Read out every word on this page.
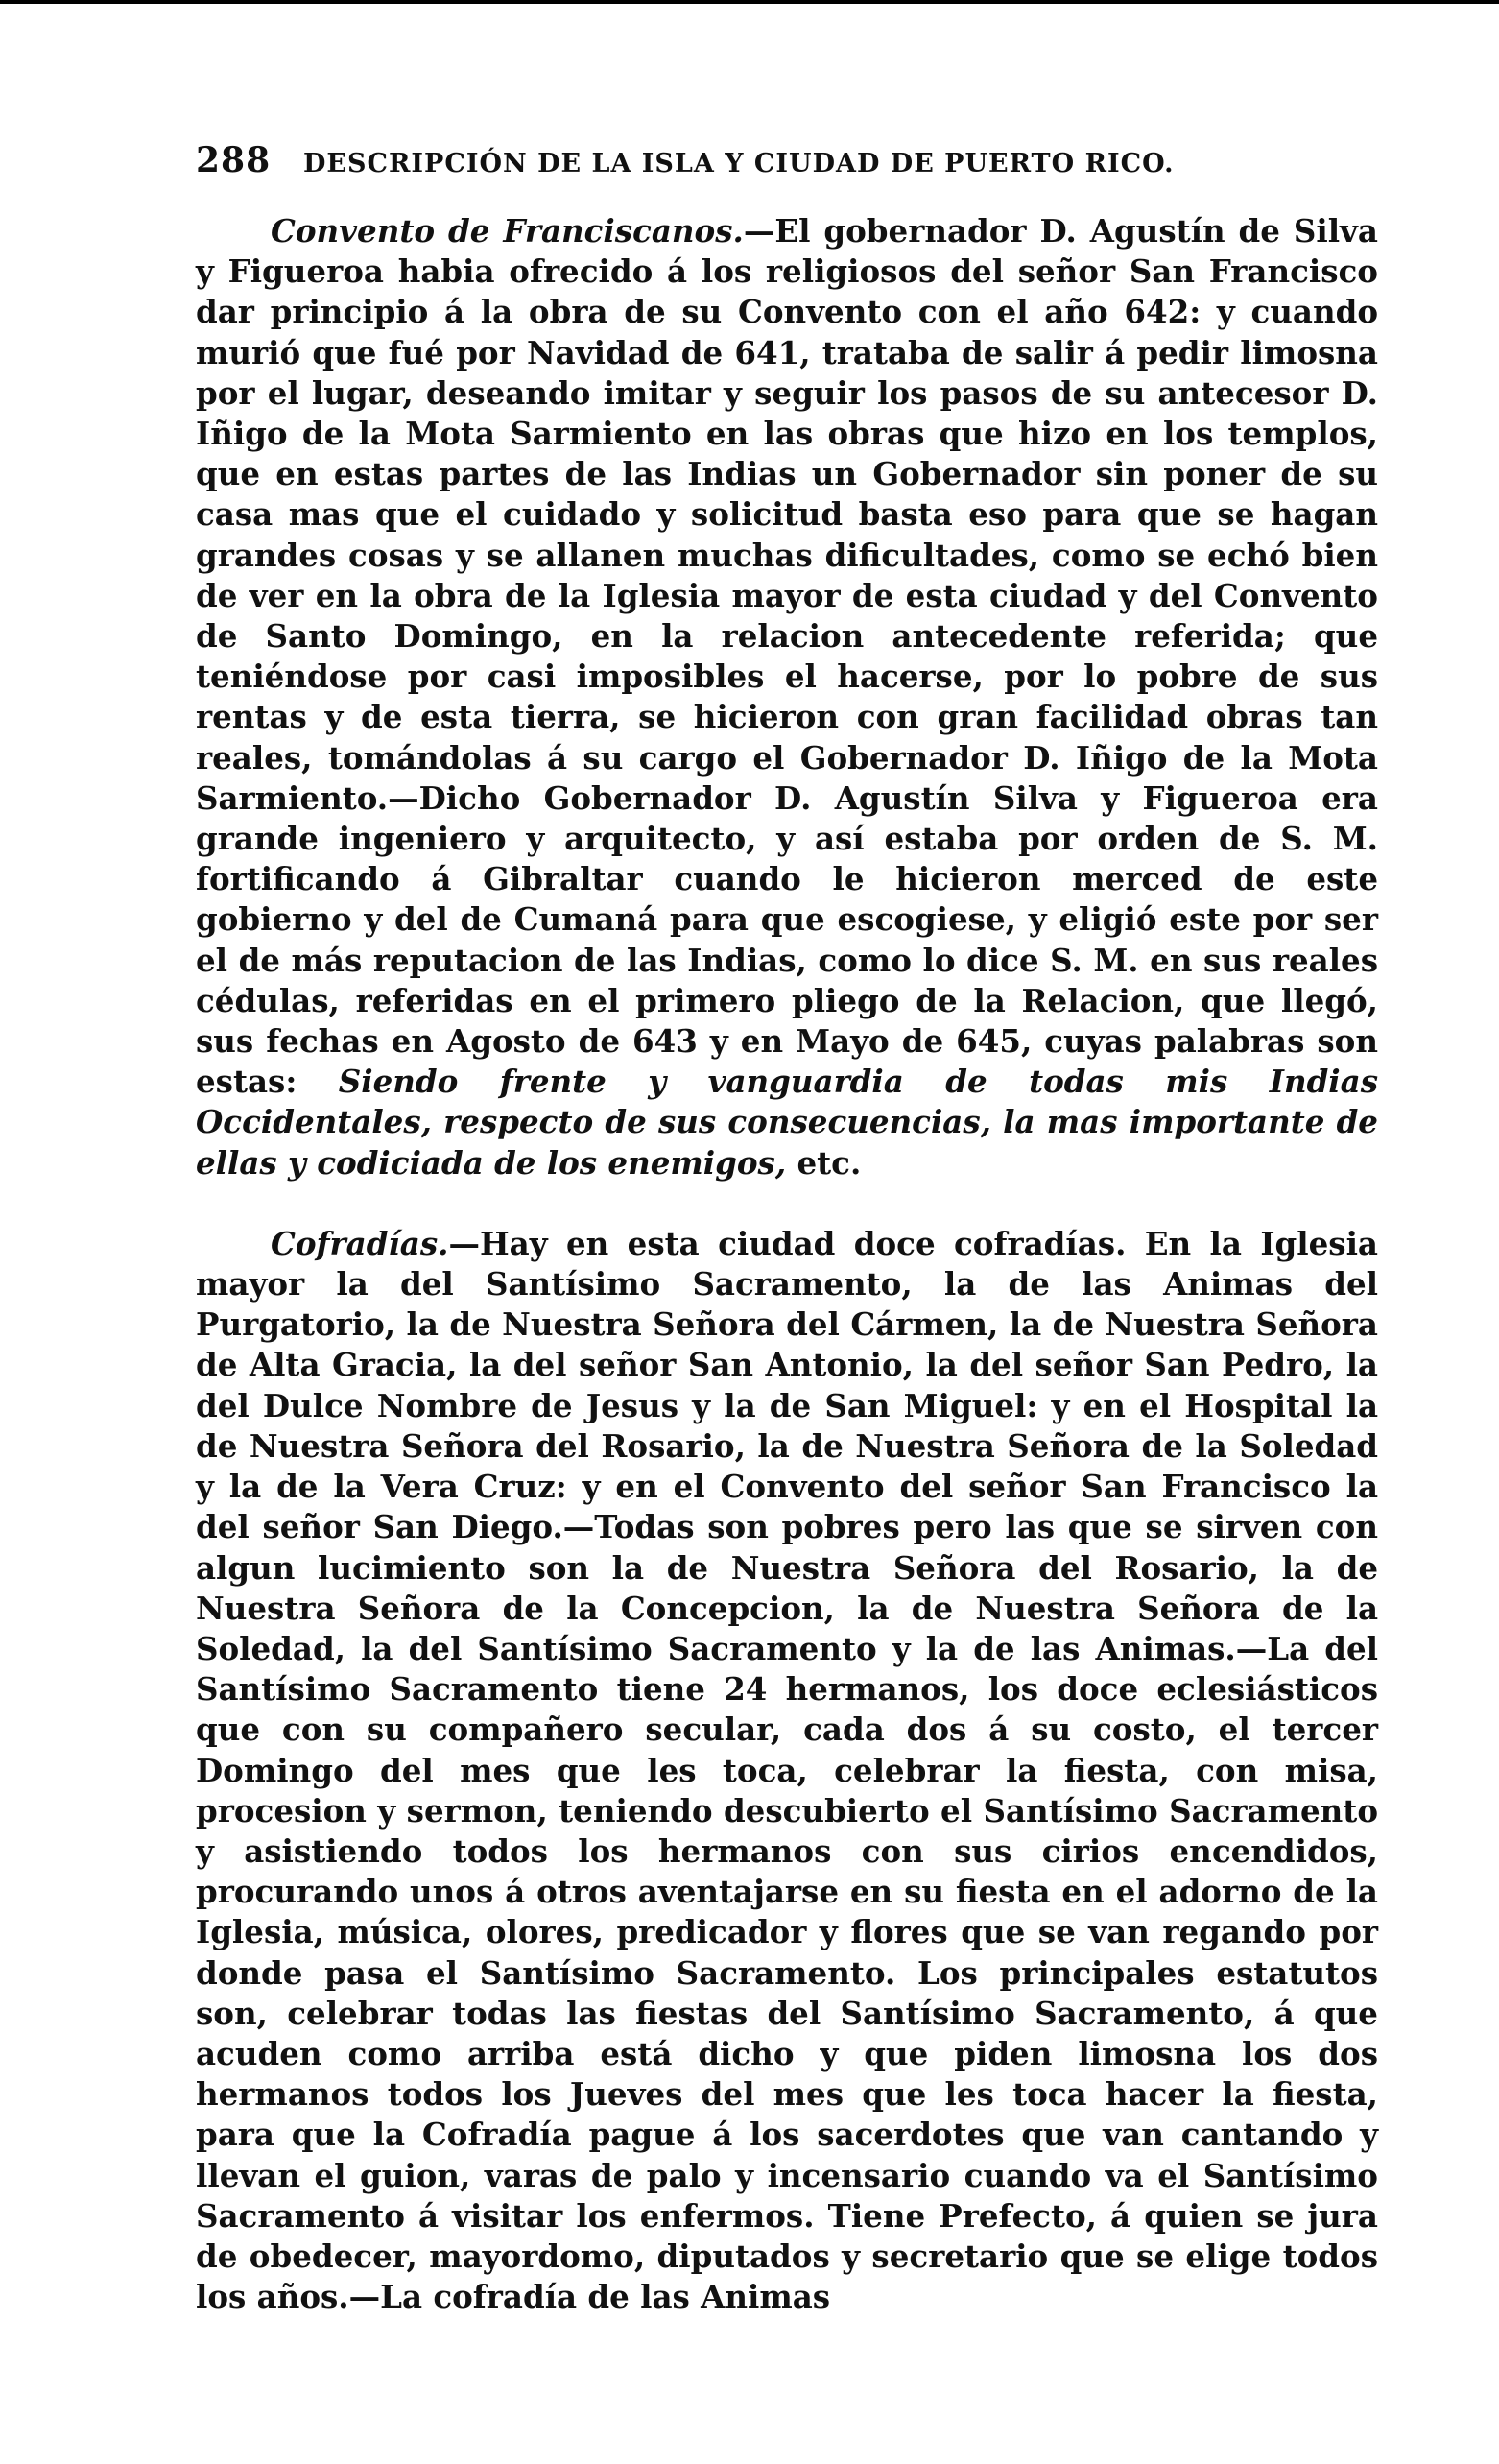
288	DESCRIPCIÓN DE LA ISLA Y CIUDAD DE PUERTO RICO.

Convento de Franciscanos.—El gobernador D. Agustín de Silva y Figueroa habia ofrecido á los religiosos del señor San Francisco dar principio á la obra de su Convento con el año 642: y cuando murió que fué por Navidad de 641, trataba de salir á pedir limosna por el lugar, deseando imitar y seguir los pasos de su antecesor D. Iñigo de la Mota Sarmiento en las obras que hizo en los templos, que en estas partes de las Indias un Gobernador sin poner de su casa mas que el cuidado y solicitud basta eso para que se hagan grandes cosas y se allanen muchas dificultades, como se echó bien de ver en la obra de la Iglesia mayor de esta ciudad y del Convento de Santo Domingo, en la relacion antecedente referida; que teniéndose por casi imposibles el hacerse, por lo pobre de sus rentas y de esta tierra, se hicieron con gran facilidad obras tan reales, tomándolas á su cargo el Gobernador D. Iñigo de la Mota Sarmiento.—Dicho Gobernador D. Agustín Silva y Figueroa era grande ingeniero y arquitecto, y así estaba por orden de S. M. fortificando á Gibraltar cuando le hicieron merced de este gobierno y del de Cumaná para que escogiese, y eligió este por ser el de más reputacion de las Indias, como lo dice S. M. en sus reales cédulas, referidas en el primero pliego de la Relacion, que llegó, sus fechas en Agosto de 643 y en Mayo de 645, cuyas palabras son estas: Siendo frente y vanguardia de todas mis Indias Occidentales, respecto de sus consecuencias, la mas importante de ellas y codiciada de los enemigos, etc.

Cofradías.—Hay en esta ciudad doce cofradías. En la Iglesia mayor la del Santísimo Sacramento, la de las Animas del Purgatorio, la de Nuestra Señora del Cármen, la de Nuestra Señora de Alta Gracia, la del señor San Antonio, la del señor San Pedro, la del Dulce Nombre de Jesus y la de San Miguel: y en el Hospital la de Nuestra Señora del Rosario, la de Nuestra Señora de la Soledad y la de la Vera Cruz: y en el Convento del señor San Francisco la del señor San Diego.—Todas son pobres pero las que se sirven con algun lucimiento son la de Nuestra Señora del Rosario, la de Nuestra Señora de la Concepcion, la de Nuestra Señora de la Soledad, la del Santísimo Sacramento y la de las Animas.—La del Santísimo Sacramento tiene 24 hermanos, los doce eclesiásticos que con su compañero secular, cada dos á su costo, el tercer Domingo del mes que les toca, celebrar la fiesta, con misa, procesion y sermon, teniendo descubierto el Santísimo Sacramento y asistiendo todos los hermanos con sus cirios encendidos, procurando unos á otros aventajarse en su fiesta en el adorno de la Iglesia, música, olores, predicador y flores que se van regando por donde pasa el Santísimo Sacramento. Los principales estatutos son, celebrar todas las fiestas del Santísimo Sacramento, á que acuden como arriba está dicho y que piden limosna los dos hermanos todos los Jueves del mes que les toca hacer la fiesta, para que la Cofradía pague á los sacerdotes que van cantando y llevan el guion, varas de palo y incensario cuando va el Santísimo Sacramento á visitar los enfermos. Tiene Prefecto, á quien se jura de obedecer, mayordomo, diputados y secretario que se elige todos los años.—La cofradía de las Animas
